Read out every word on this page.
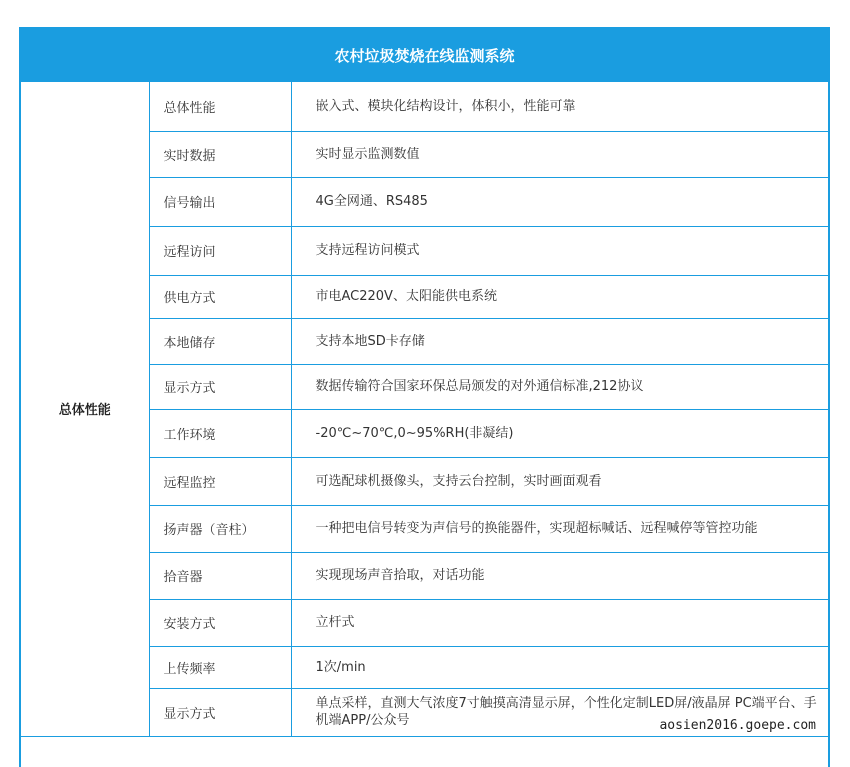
农村垃圾焚烧在线监测系统
总体性能	总体性能	嵌入式、模块化结构设计，体积小，性能可靠
	实时数据	实时显示监测数值
	信号输出	4G全网通、RS485
	远程访问	支持远程访问模式
	供电方式	市电AC220V、太阳能供电系统
	本地储存	支持本地SD卡存储
	显示方式	数据传输符合国家环保总局颁发的对外通信标准,212协议
	工作环境	-20℃~70℃,0~95%RH(非凝结)
	远程监控	可选配球机摄像头，支持云台控制，实时画面观看
	扬声器（音柱）	一种把电信号转变为声信号的换能器件，实现超标喊话、远程喊停等管控功能
	拾音器	实现现场声音拾取，对话功能
	安装方式	立杆式
	上传频率	1次/min
	显示方式	单点采样，直测大气浓度7寸触摸高清显示屏，个性化定制LED屏/液晶屏 PC端平台、手机端APP/公众号	aosien2016.goepe.com
